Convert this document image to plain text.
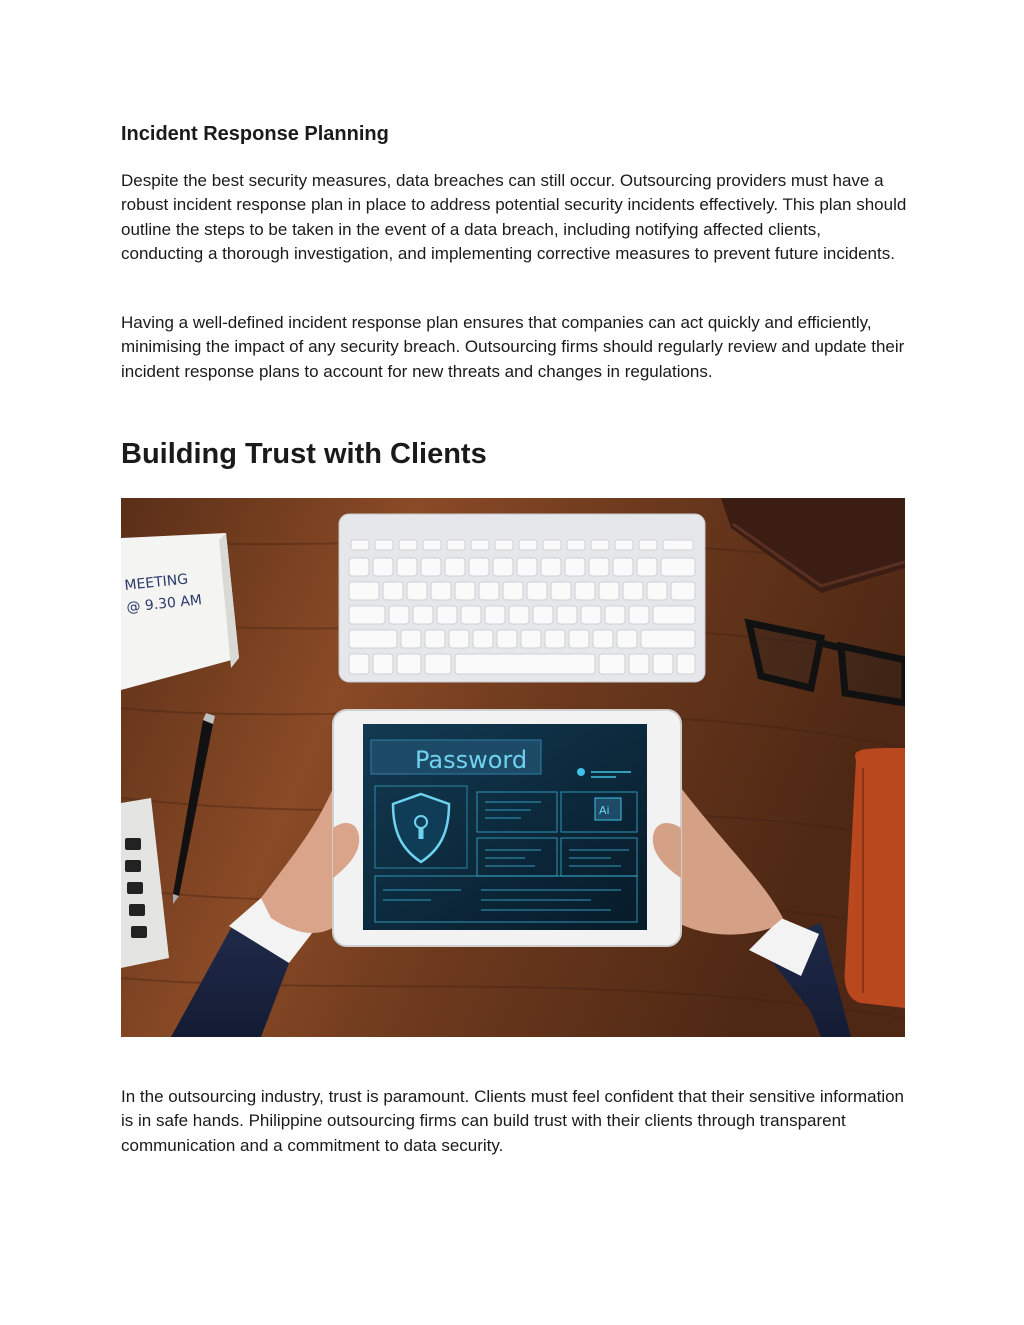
Incident Response Planning

Despite the best security measures, data breaches can still occur. Outsourcing providers must have a robust incident response plan in place to address potential security incidents effectively. This plan should outline the steps to be taken in the event of a data breach, including notifying affected clients, conducting a thorough investigation, and implementing corrective measures to prevent future incidents.

Having a well-defined incident response plan ensures that companies can act quickly and efficiently, minimising the impact of any security breach. Outsourcing firms should regularly review and update their incident response plans to account for new threats and changes in regulations.

Building Trust with Clients
MEETING
@ 9.30 AM
Password
Ai

In the outsourcing industry, trust is paramount. Clients must feel confident that their sensitive information is in safe hands. Philippine outsourcing firms can build trust with their clients through transparent communication and a commitment to data security.
